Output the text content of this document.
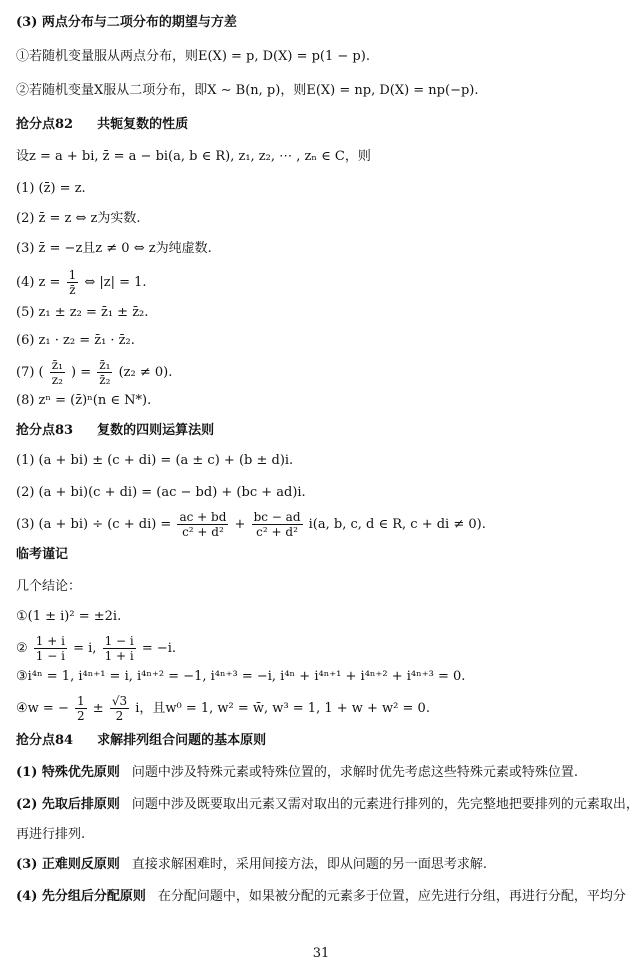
(3) 两点分布与二项分布的期望与方差
①若随机变量服从两点分布，则E(X) = p, D(X) = p(1 − p).
②若随机变量X服从二项分布，即X ∼ B(n, p)，则E(X) = np, D(X) = np(−p).
抢分点82 共轭复数的性质
设z = a + bi, z̄ = a − bi(a, b ∈ R), z₁, z₂, ⋯ , zₙ ∈ C，则
(1) (z̄̄) = z.
(2) z̄ = z ⇔ z为实数.
(3) z̄ = −z且z ≠ 0 ⇔ z为纯虚数.
(4) $z = \frac{1}{z̄}$ ⇔ |z| = 1.
(5) z₁ ± z₂ = z̄₁ ± z̄₂.
(6) z₁ · z₂ = z̄₁ · z̄₂.
(7) ( $\frac{\text{z̄₁}}{\text{z₂}}$ ) = $\frac{\text{z̄₁}}{\text{z̄₂}} (z_2 \ne 0)$.
(8) zⁿ = (z̄)ⁿ(n ∈ N*).
抢分点83 复数的四则运算法则
(1) (a + bi) ± (c + di) = (a ± c) + (b ± d)i.
(2) (a + bi)(c + di) = (ac − bd) + (bc + ad)i.
(3) $(a + bi) \div (c + di) = \frac{ac + bd}{\text{c² + d²}} + \frac{bc - ad}{\text{c² + d²}} i(a$, b, c, d ∈ R, c + di ≠ 0).
临考谨记
几个结论：
①(1 ± i)² = ±2i.
② $\frac{1 + i}{1 - i} = i$, $\frac{1 - i}{1 + i} = -i$.
③i⁴ⁿ = 1, i⁴ⁿ⁺¹ = i, i⁴ⁿ⁺² = −1, i⁴ⁿ⁺³ = −i, i⁴ⁿ + i⁴ⁿ⁺¹ + i⁴ⁿ⁺² + i⁴ⁿ⁺³ = 0.
④w = − $\frac{1}{2} \pm \frac{√3}{2}$ i，且w⁰ = 1, w² = w̄, w³ = 1, 1 + w + w² = 0.
抢分点84 求解排列组合问题的基本原则
(1) 特殊优先原则 问题中涉及特殊元素或特殊位置的，求解时优先考虑这些特殊元素或特殊位置.
(2) 先取后排原则 问题中涉及既要取出元素又需对取出的元素进行排列的，先完整地把要排列的元素取出，
再进行排列.
(3) 正难则反原则 直接求解困难时，采用间接方法，即从问题的另一面思考求解.
(4) 先分组后分配原则 在分配问题中，如果被分配的元素多于位置，应先进行分组，再进行分配，平均分
31
